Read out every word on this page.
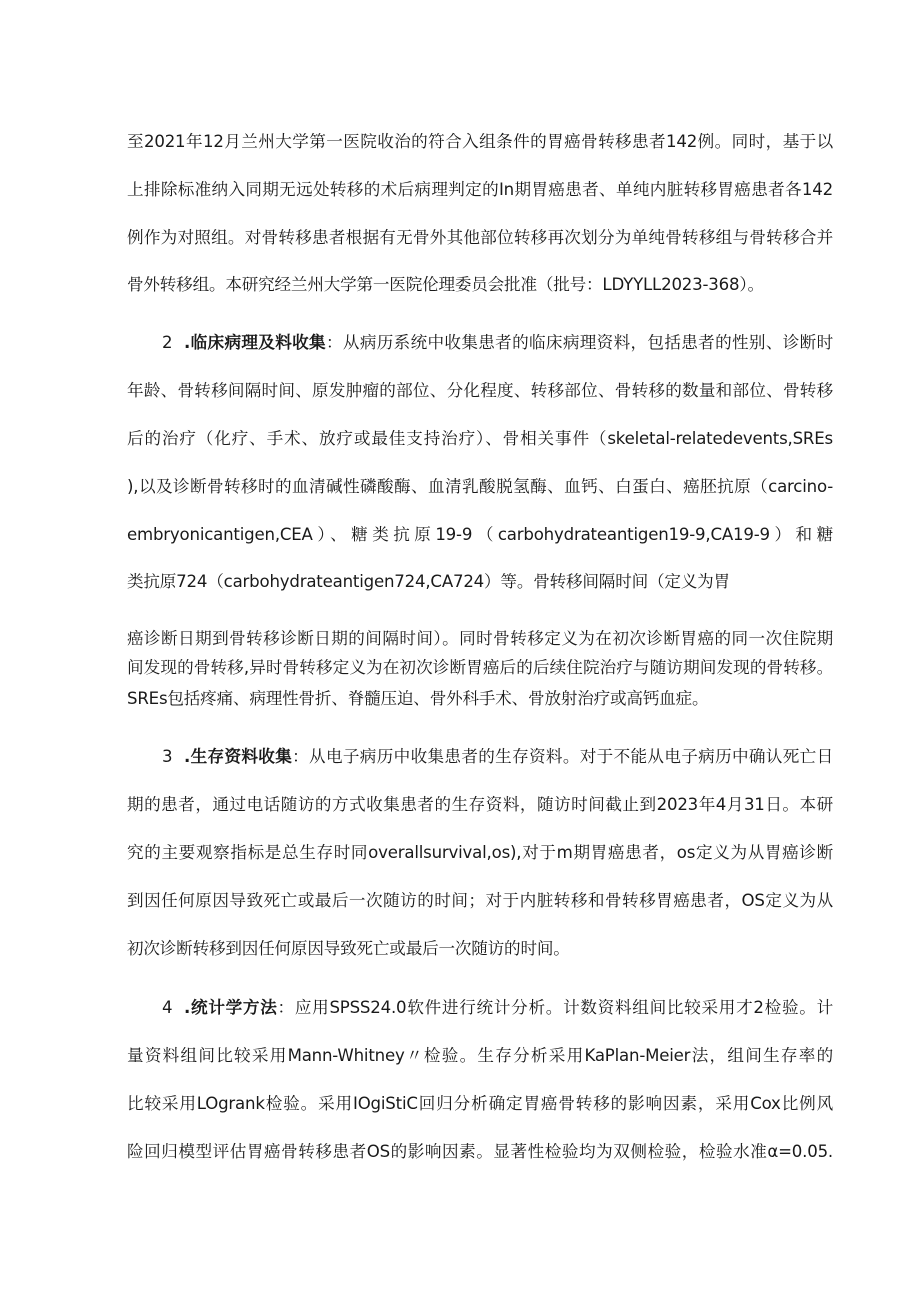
至2021年12月兰州大学第一医院收治的符合入组条件的胃癌骨转移患者142例。同时，基于以
上排除标准纳入同期无远处转移的术后病理判定的In期胃癌患者、单纯内脏转移胃癌患者各142
例作为对照组。对骨转移患者根据有无骨外其他部位转移再次划分为单纯骨转移组与骨转移合并
骨外转移组。本研究经兰州大学第一医院伦理委员会批准（批号：LDYYLL2023-368）。
2 .临床病理及料收集：从病历系统中收集患者的临床病理资料，包括患者的性别、诊断时
年龄、骨转移间隔时间、原发肿瘤的部位、分化程度、转移部位、骨转移的数量和部位、骨转移
后的治疗（化疗、手术、放疗或最佳支持治疗）、骨相关事件（skeletal-relatedevents,SREs
),以及诊断骨转移时的血清碱性磷酸酶、血清乳酸脱氢酶、血钙、白蛋白、癌胚抗原（carcino-
embryonicantigen,CEA）、糖类抗原19-9（carbohydrateantigen19-9,CA19-9）和糖
类抗原724（carbohydrateantigen724,CA724）等。骨转移间隔时间（定义为胃
癌诊断日期到骨转移诊断日期的间隔时间）。同时骨转移定义为在初次诊断胃癌的同一次住院期
间发现的骨转移,异时骨转移定义为在初次诊断胃癌后的后续住院治疗与随访期间发现的骨转移。
SREs包括疼痛、病理性骨折、脊髓压迫、骨外科手术、骨放射治疗或高钙血症。
3 .生存资料收集：从电子病历中收集患者的生存资料。对于不能从电子病历中确认死亡日
期的患者，通过电话随访的方式收集患者的生存资料，随访时间截止到2023年4月31日。本研
究的主要观察指标是总生存时同overallsurvival,os),对于m期胃癌患者，os定义为从胃癌诊断
到因任何原因导致死亡或最后一次随访的时间；对于内脏转移和骨转移胃癌患者，OS定义为从
初次诊断转移到因任何原因导致死亡或最后一次随访的时间。
4 .统计学方法：应用SPSS24.0软件进行统计分析。计数资料组间比较采用才2检验。计
量资料组间比较采用Mann-Whitney〃检验。生存分析采用KaPlan-Meier法，组间生存率的
比较采用LOgrank检验。采用IOgiStiC回归分析确定胃癌骨转移的影响因素，采用Cox比例风
险回归模型评估胃癌骨转移患者OS的影响因素。显著性检验均为双侧检验，检验水准α=0.05.
